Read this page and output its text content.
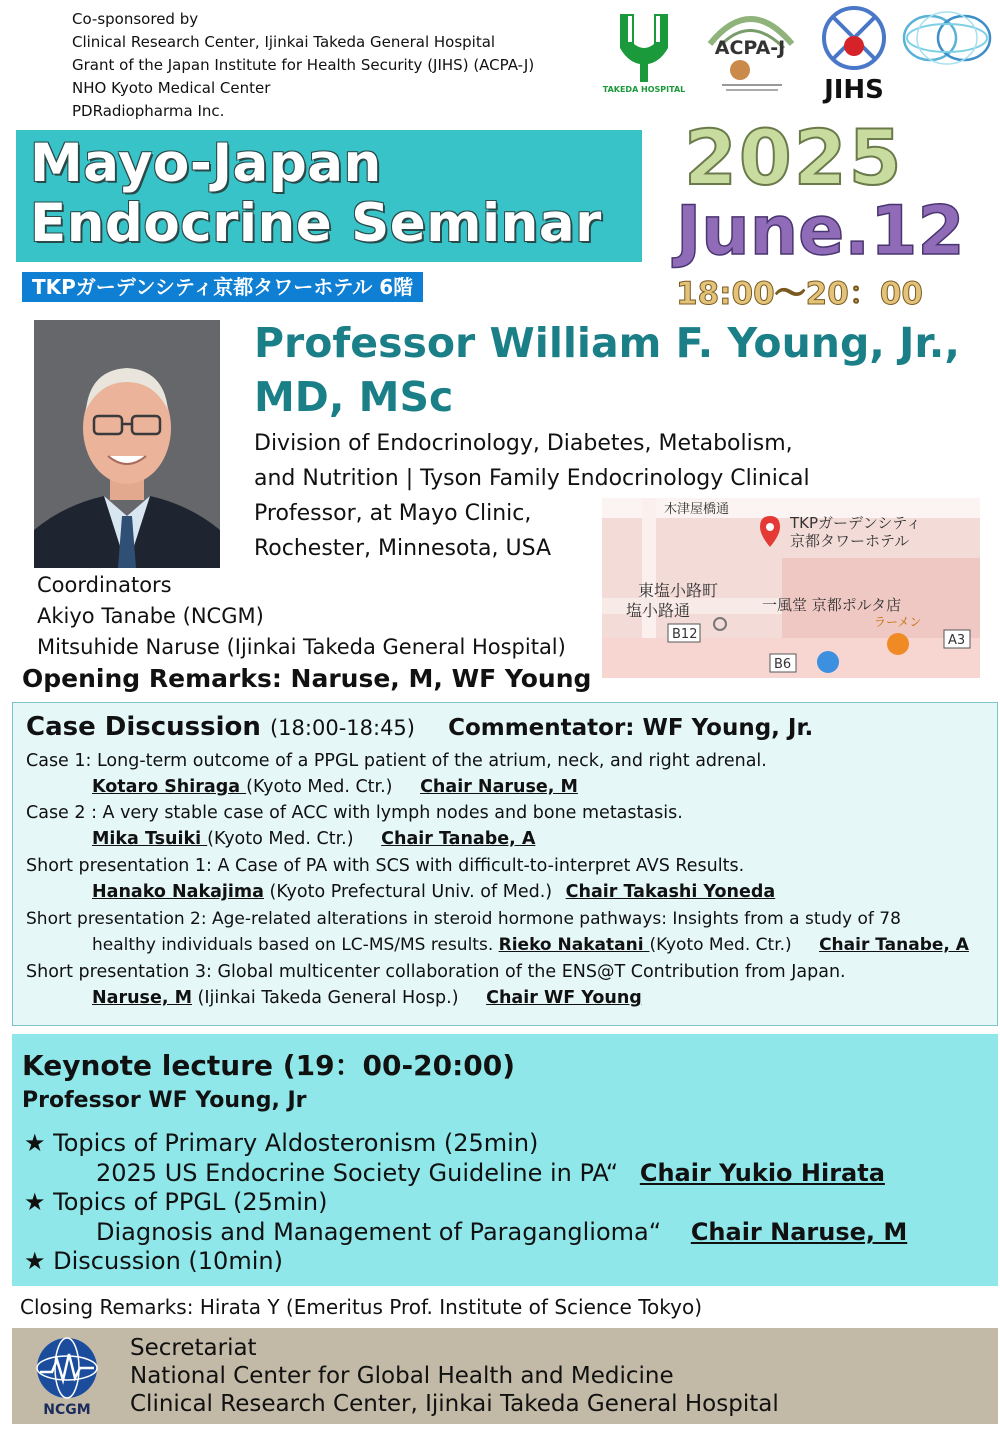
Co-sponsored by
Clinical Research Center, Ijinkai Takeda General Hospital
Grant of the Japan Institute for Health Security (JIHS) (ACPA-J)
NHO Kyoto Medical Center
PDRadiopharma Inc.
TAKEDA HOSPITAL
ACPA-J
JIHS
Mayo-Japan
Endocrine Seminar
TKPガーデンシティ京都タワーホテル 6階
2025
June.12
18:00～20：00
Professor William F. Young, Jr.,
MD, MSc
Division of Endocrinology, Diabetes, Metabolism,
and Nutrition | Tyson Family Endocrinology Clinical
Professor, at Mayo Clinic,
Rochester, Minnesota, USA
木津屋橋通
TKPガーデンシティ
京都タワーホテル
東塩小路町
塩小路通	一風堂 京都ポルタ店
ラーメン
B12
B6
A3
Coordinators
Akiyo Tanabe (NCGM)
Mitsuhide Naruse (Ijinkai Takeda General Hospital)
Opening Remarks: Naruse, M, WF Young
Case Discussion (18:00-18:45) Commentator: WF Young, Jr.
Case 1: Long-term outcome of a PPGL patient of the atrium, neck, and right adrenal.
Kotaro Shiraga (Kyoto Med. Ctr.) Chair Naruse, M
Case 2 : A very stable case of ACC with lymph nodes and bone metastasis.
Mika Tsuiki (Kyoto Med. Ctr.) Chair Tanabe, A
Short presentation 1: A Case of PA with SCS with difficult-to-interpret AVS Results.
Hanako Nakajima (Kyoto Prefectural Univ. of Med.) Chair Takashi Yoneda
Short presentation 2: Age-related alterations in steroid hormone pathways: Insights from a study of 78
healthy individuals based on LC-MS/MS results. Rieko Nakatani (Kyoto Med. Ctr.) Chair Tanabe, A
Short presentation 3: Global multicenter collaboration of the ENS@T Contribution from Japan.
Naruse, M (Ijinkai Takeda General Hosp.) Chair WF Young
Keynote lecture (19：00-20:00)
Professor WF Young, Jr
★ Topics of Primary Aldosteronism (25min)
2025 US Endocrine Society Guideline in PA“ Chair Yukio Hirata
★ Topics of PPGL (25min)
Diagnosis and Management of Paraganglioma“ Chair Naruse, M
★ Discussion (10min)
Closing Remarks: Hirata Y (Emeritus Prof. Institute of Science Tokyo)
NCGM
Secretariat
National Center for Global Health and Medicine
Clinical Research Center, Ijinkai Takeda General Hospital
